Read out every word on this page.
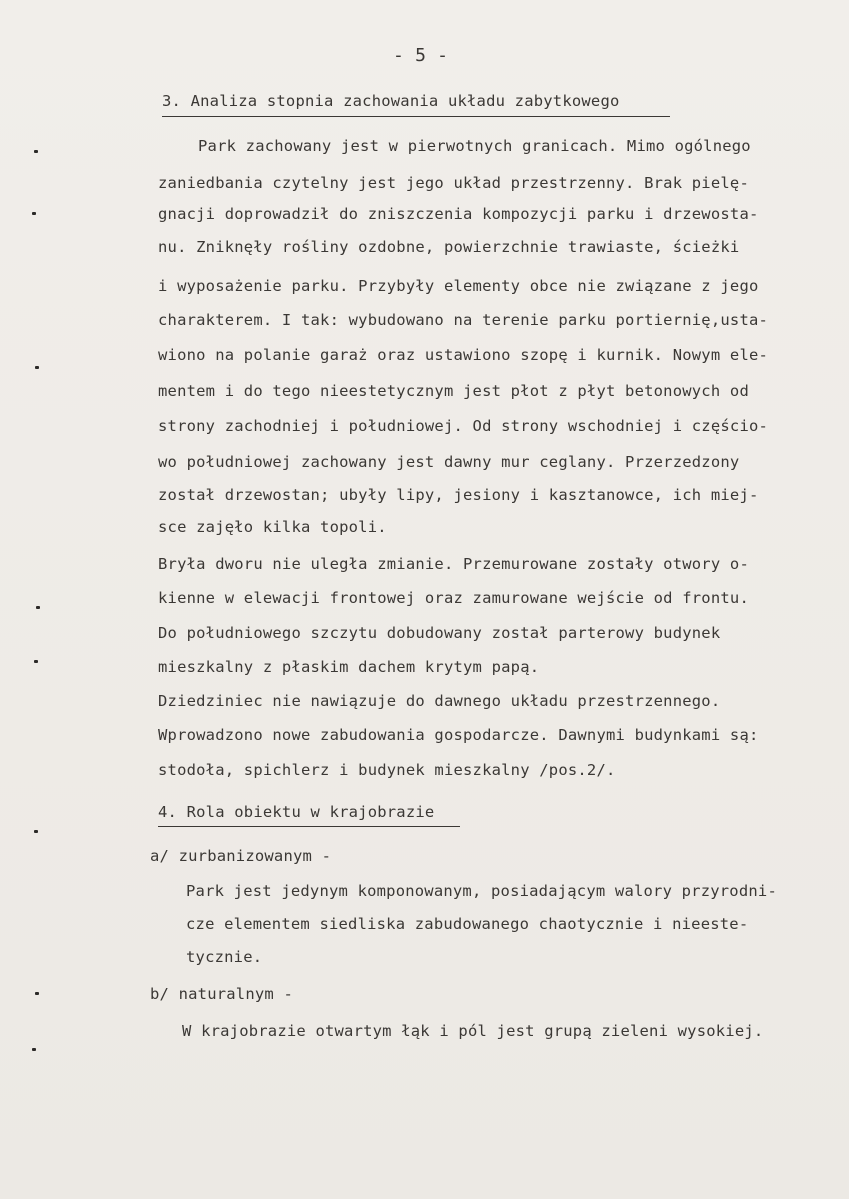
- 5 -
3. Analiza stopnia zachowania układu zabytkowego
Park zachowany jest w pierwotnych granicach. Mimo ogólnego
zaniedbania czytelny jest jego układ przestrzenny. Brak pielę-
gnacji doprowadził do zniszczenia kompozycji parku i drzewosta-
nu. Zniknęły rośliny ozdobne, powierzchnie trawiaste, ścieżki
i wyposażenie parku. Przybyły elementy obce nie związane z jego
charakterem. I tak: wybudowano na terenie parku portiernię,usta-
wiono na polanie garaż oraz ustawiono szopę i kurnik. Nowym ele-
mentem i do tego nieestetycznym jest płot z płyt betonowych od
strony zachodniej i południowej. Od strony wschodniej i częścio-
wo południowej zachowany jest dawny mur ceglany. Przerzedzony
został drzewostan; ubyły lipy, jesiony i kasztanowce, ich miej-
sce zajęło kilka topoli.
Bryła dworu nie uległa zmianie. Przemurowane zostały otwory o-
kienne w elewacji frontowej oraz zamurowane wejście od frontu.
Do południowego szczytu dobudowany został parterowy budynek
mieszkalny z płaskim dachem krytym papą.
Dziedziniec nie nawiązuje do dawnego układu przestrzennego.
Wprowadzono nowe zabudowania gospodarcze. Dawnymi budynkami są:
stodoła, spichlerz i budynek mieszkalny /pos.2/.
4. Rola obiektu w krajobrazie
a/ zurbanizowanym -
Park jest jedynym komponowanym, posiadającym walory przyrodni-
cze elementem siedliska zabudowanego chaotycznie i nieeste-
tycznie.
b/ naturalnym -
W krajobrazie otwartym łąk i pól jest grupą zieleni wysokiej.
